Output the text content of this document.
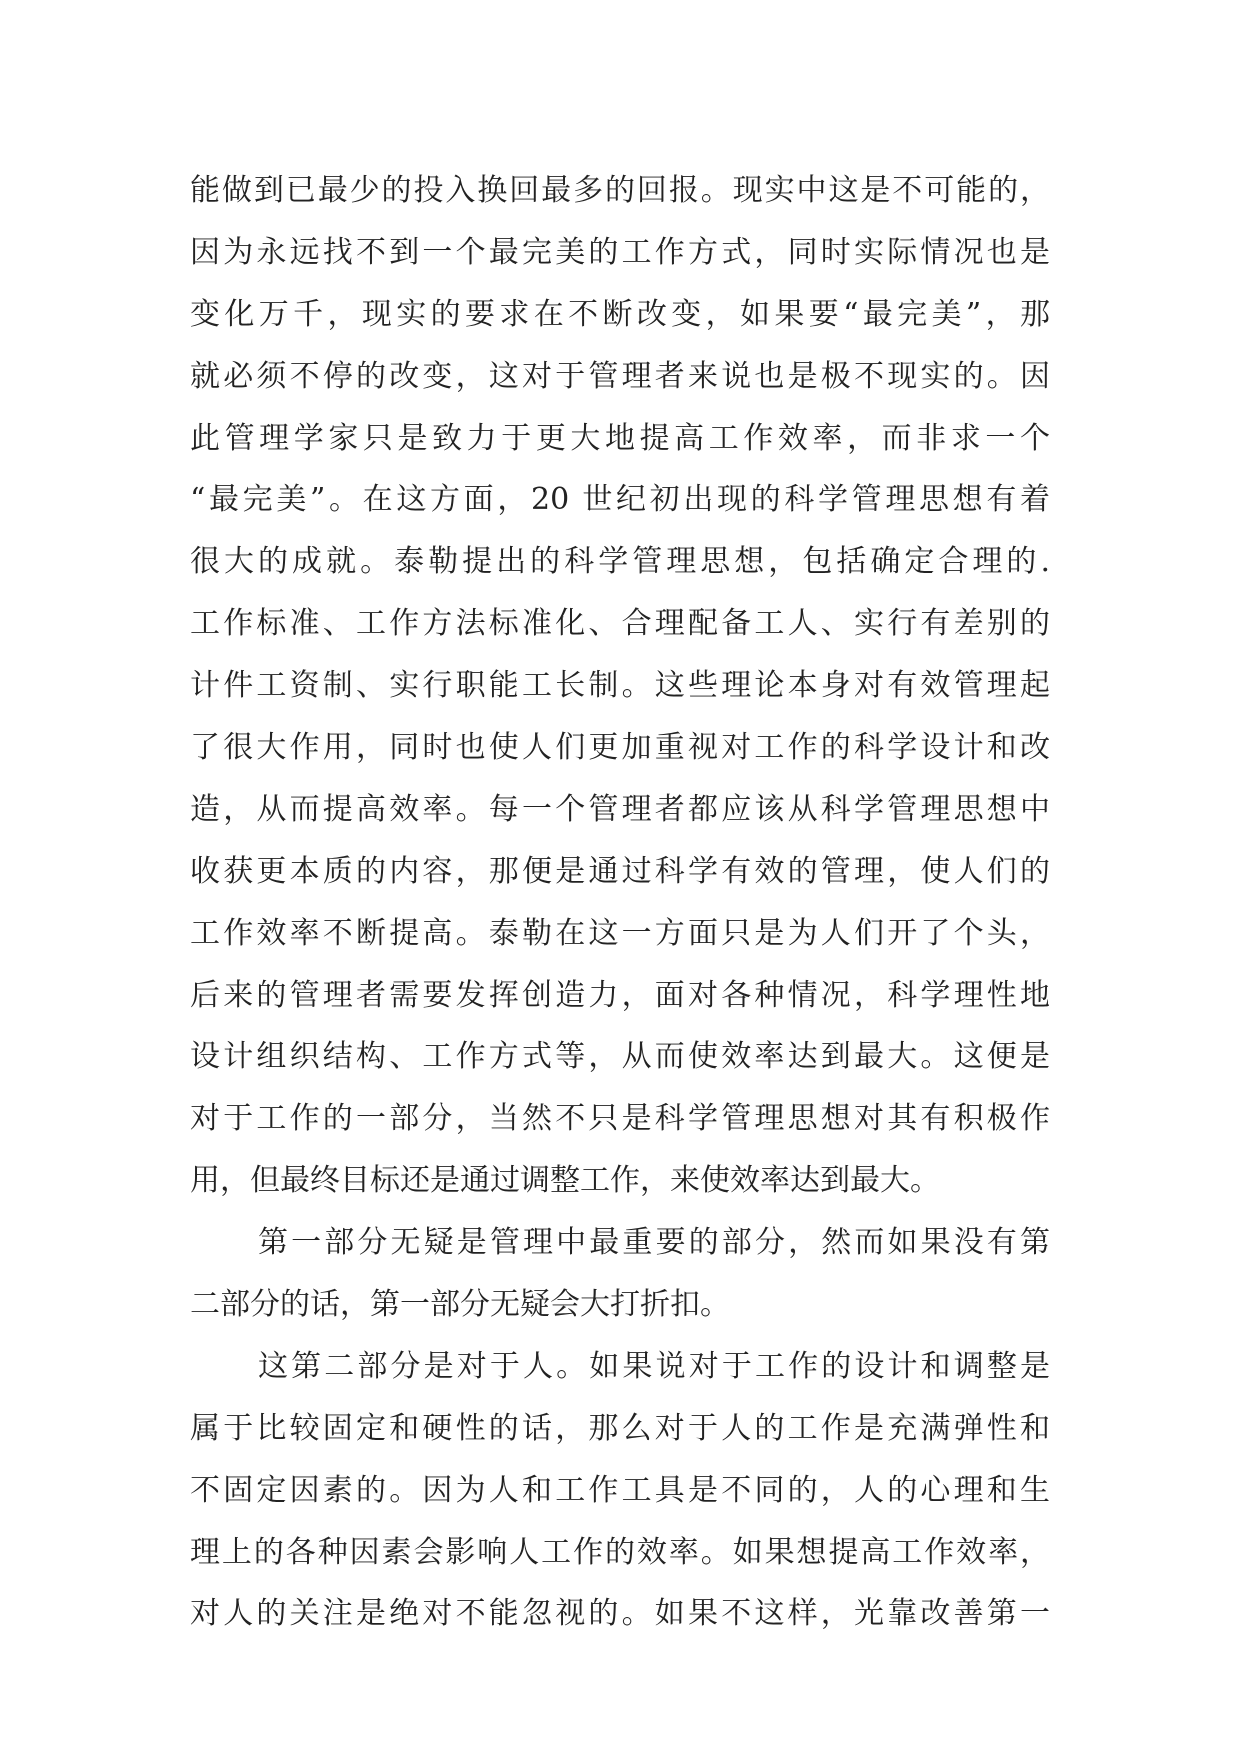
能做到已最少的投入换回最多的回报。现实中这是不可能的，
因为永远找不到一个最完美的工作方式，同时实际情况也是
变化万千，现实的要求在不断改变，如果要“最完美”，那
就必须不停的改变，这对于管理者来说也是极不现实的。因
此管理学家只是致力于更大地提高工作效率，而非求一个
“最完美”。在这方面，20 世纪初出现的科学管理思想有着
很大的成就。泰勒提出的科学管理思想，包括确定合理的.
工作标准、工作方法标准化、合理配备工人、实行有差别的
计件工资制、实行职能工长制。这些理论本身对有效管理起
了很大作用，同时也使人们更加重视对工作的科学设计和改
造，从而提高效率。每一个管理者都应该从科学管理思想中
收获更本质的内容，那便是通过科学有效的管理，使人们的
工作效率不断提高。泰勒在这一方面只是为人们开了个头，
后来的管理者需要发挥创造力，面对各种情况，科学理性地
设计组织结构、工作方式等，从而使效率达到最大。这便是
对于工作的一部分，当然不只是科学管理思想对其有积极作
用，但最终目标还是通过调整工作，来使效率达到最大。
第一部分无疑是管理中最重要的部分，然而如果没有第
二部分的话，第一部分无疑会大打折扣。
这第二部分是对于人。如果说对于工作的设计和调整是
属于比较固定和硬性的话，那么对于人的工作是充满弹性和
不固定因素的。因为人和工作工具是不同的，人的心理和生
理上的各种因素会影响人工作的效率。如果想提高工作效率，
对人的关注是绝对不能忽视的。如果不这样，光靠改善第一
